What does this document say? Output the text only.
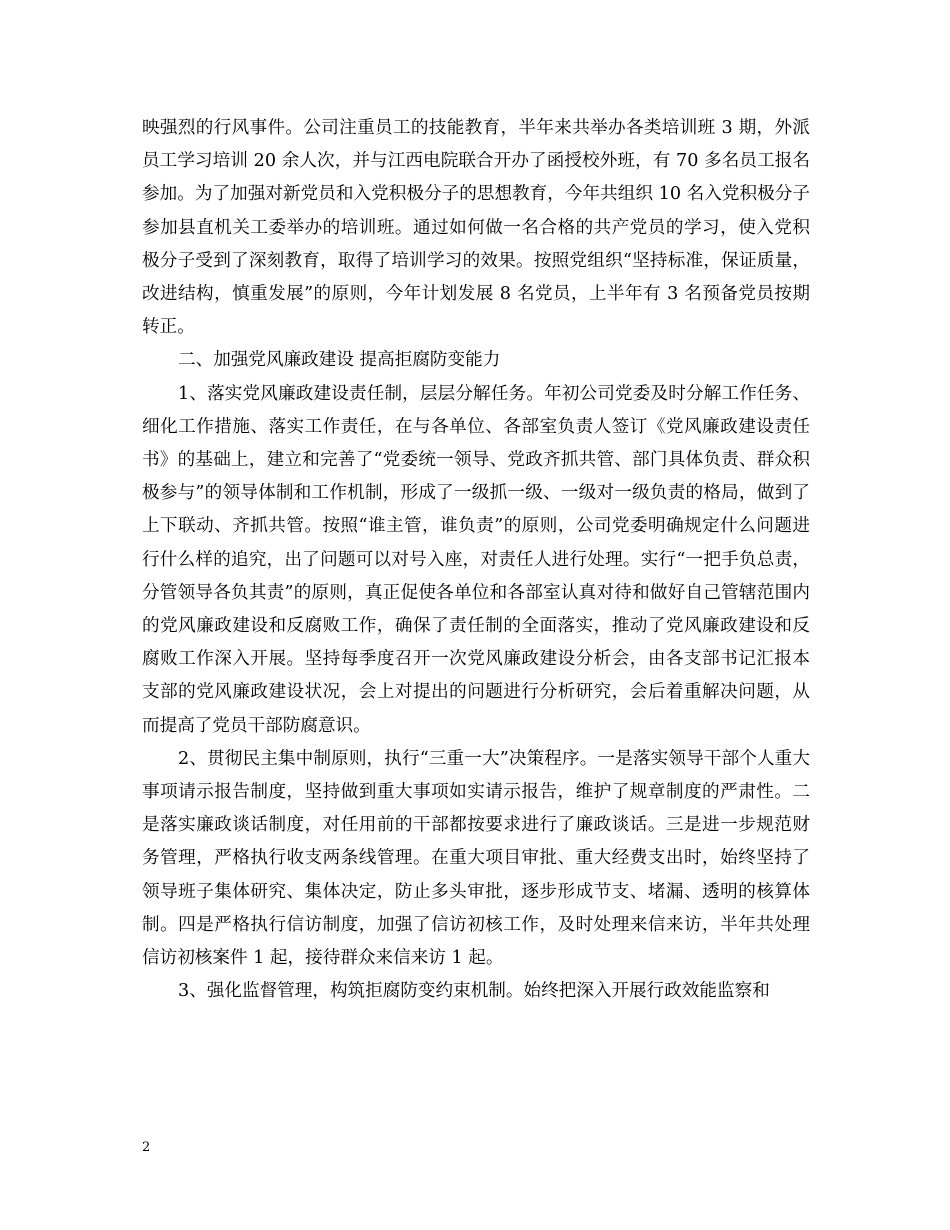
映强烈的行风事件。公司注重员工的技能教育，半年来共举办各类培训班 3 期，外派员工学习培训 20 余人次，并与江西电院联合开办了函授校外班，有 70 多名员工报名参加。为了加强对新党员和入党积极分子的思想教育，今年共组织 10 名入党积极分子参加县直机关工委举办的培训班。通过如何做一名合格的共产党员的学习，使入党积极分子受到了深刻教育，取得了培训学习的效果。按照党组织“坚持标准，保证质量，改进结构，慎重发展”的原则，今年计划发展 8 名党员，上半年有 3 名预备党员按期转正。

二、加强党风廉政建设 提高拒腐防变能力

1、落实党风廉政建设责任制，层层分解任务。年初公司党委及时分解工作任务、细化工作措施、落实工作责任，在与各单位、各部室负责人签订《党风廉政建设责任书》的基础上，建立和完善了“党委统一领导、党政齐抓共管、部门具体负责、群众积极参与”的领导体制和工作机制，形成了一级抓一级、一级对一级负责的格局，做到了上下联动、齐抓共管。按照“谁主管，谁负责”的原则，公司党委明确规定什么问题进行什么样的追究，出了问题可以对号入座，对责任人进行处理。实行“一把手负总责，分管领导各负其责”的原则，真正促使各单位和各部室认真对待和做好自己管辖范围内的党风廉政建设和反腐败工作，确保了责任制的全面落实，推动了党风廉政建设和反腐败工作深入开展。坚持每季度召开一次党风廉政建设分析会，由各支部书记汇报本支部的党风廉政建设状况，会上对提出的问题进行分析研究，会后着重解决问题，从而提高了党员干部防腐意识。

2、贯彻民主集中制原则，执行“三重一大”决策程序。一是落实领导干部个人重大事项请示报告制度，坚持做到重大事项如实请示报告，维护了规章制度的严肃性。二是落实廉政谈话制度，对任用前的干部都按要求进行了廉政谈话。三是进一步规范财务管理，严格执行收支两条线管理。在重大项目审批、重大经费支出时，始终坚持了领导班子集体研究、集体决定，防止多头审批，逐步形成节支、堵漏、透明的核算体制。四是严格执行信访制度，加强了信访初核工作，及时处理来信来访，半年共处理信访初核案件 1 起，接待群众来信来访 1 起。

3、强化监督管理，构筑拒腐防变约束机制。始终把深入开展行政效能监察和

2
